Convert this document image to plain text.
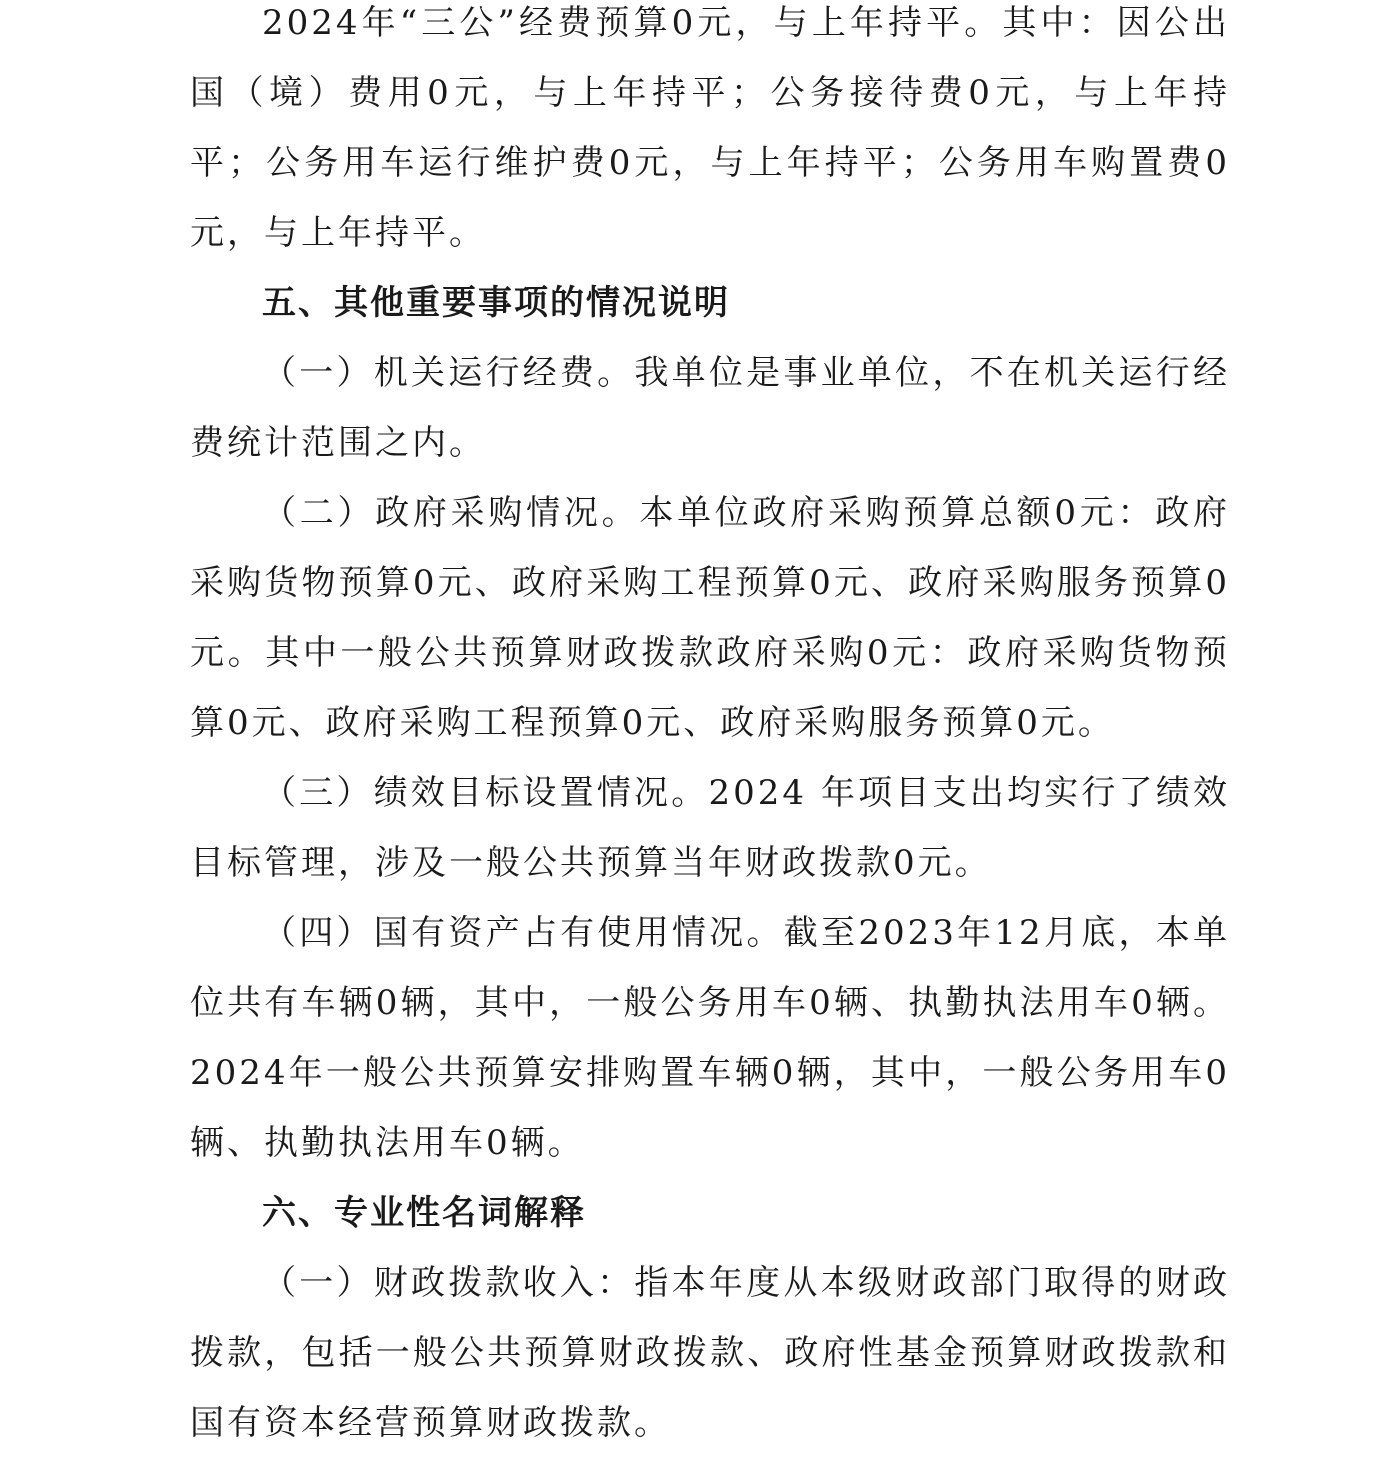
2024年“三公”经费预算0元，与上年持平。其中：因公出国（境）费用0元，与上年持平；公务接待费0元，与上年持平；公务用车运行维护费0元，与上年持平；公务用车购置费0元，与上年持平。

五、其他重要事项的情况说明

（一）机关运行经费。我单位是事业单位，不在机关运行经费统计范围之内。

（二）政府采购情况。本单位政府采购预算总额0元：政府采购货物预算0元、政府采购工程预算0元、政府采购服务预算0元。其中一般公共预算财政拨款政府采购0元：政府采购货物预算0元、政府采购工程预算0元、政府采购服务预算0元。

（三）绩效目标设置情况。2024 年项目支出均实行了绩效目标管理，涉及一般公共预算当年财政拨款0元。

（四）国有资产占有使用情况。截至2023年12月底，本单位共有车辆0辆，其中，一般公务用车0辆、执勤执法用车0辆。2024年一般公共预算安排购置车辆0辆，其中，一般公务用车0辆、执勤执法用车0辆。

六、专业性名词解释

（一）财政拨款收入：指本年度从本级财政部门取得的财政拨款，包括一般公共预算财政拨款、政府性基金预算财政拨款和国有资本经营预算财政拨款。
